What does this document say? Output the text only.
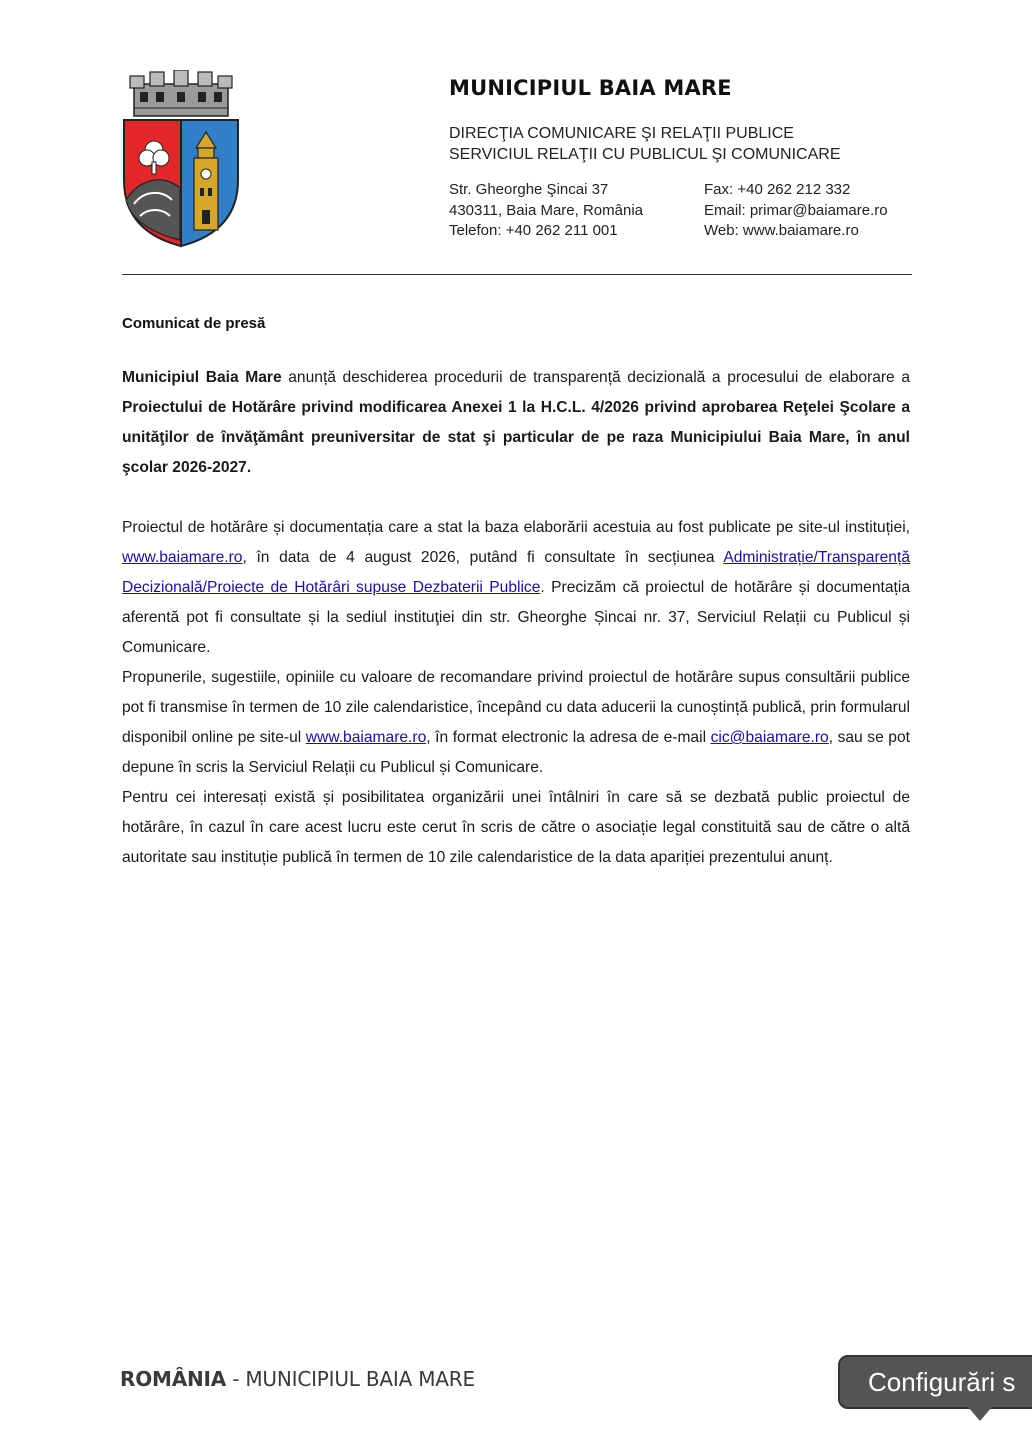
MUNICIPIUL BAIA MARE
DIRECŢIA COMUNICARE ŞI RELAŢII PUBLICE
SERVICIUL RELAŢII CU PUBLICUL ŞI COMUNICARE
Str. Gheorghe Şincai 37
430311, Baia Mare, România
Telefon: +40 262 211 001
Fax: +40 262 212 332
Email: primar@baiamare.ro
Web: www.baiamare.ro
Comunicat de presă

Municipiul Baia Mare anunță deschiderea procedurii de transparență decizională a procesului de elaborare a Proiectului de Hotărâre privind modificarea Anexei 1 la H.C.L. 4/2026 privind aprobarea Reţelei Şcolare a unităţilor de învăţământ preuniversitar de stat şi particular de pe raza Municipiului Baia Mare, în anul şcolar 2026-2027.

Proiectul de hotărâre și documentația care a stat la baza elaborării acestuia au fost publicate pe site-ul instituției, www.baiamare.ro, în data de 4 august 2026, putând fi consultate în secțiunea Administrație/Transparență Decizională/Proiecte de Hotărâri supuse Dezbaterii Publice. Precizăm că proiectul de hotărâre și documentația aferentă pot fi consultate și la sediul instituţiei din str. Gheorghe Șincai nr. 37, Serviciul Relații cu Publicul și Comunicare.

Propunerile, sugestiile, opiniile cu valoare de recomandare privind proiectul de hotărâre supus consultării publice pot fi transmise în termen de 10 zile calendaristice, începând cu data aducerii la cunoștință publică, prin formularul disponibil online pe site-ul www.baiamare.ro, în format electronic la adresa de e-mail cic@baiamare.ro, sau se pot depune în scris la Serviciul Relații cu Publicul și Comunicare.

Pentru cei interesați există și posibilitatea organizării unei întâlniri în care să se dezbată public proiectul de hotărâre, în cazul în care acest lucru este cerut în scris de către o asociație legal constituită sau de către o altă autoritate sau instituție publică în termen de 10 zile calendaristice de la data apariției prezentului anunț.

ROMÂNIA - MUNICIPIUL BAIA MARE	Configurări s
